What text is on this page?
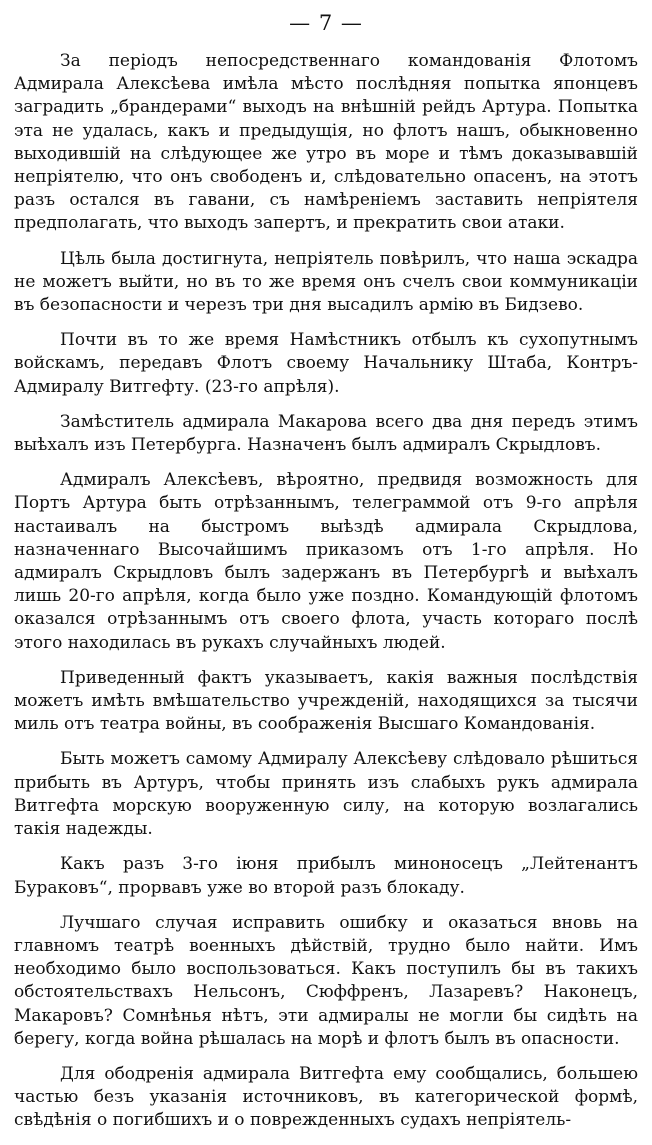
— 7 —

За періодъ непосредственнаго командованія Флотомъ Адмирала Алексѣева имѣла мѣсто послѣдняя попытка японцевъ заградить „брандерами“ выходъ на внѣшній рейдъ Артура. Попытка эта не удалась, какъ и предыдущія, но флотъ нашъ, обыкновенно выходившій на слѣдующее же утро въ море и тѣмъ доказывавшій непріятелю, что онъ свободенъ и, слѣдовательно опасенъ, на этотъ разъ остался въ гавани, съ намѣреніемъ заставить непріятеля предполагать, что выходъ запертъ, и прекратить свои атаки.

Цѣль была достигнута, непріятель повѣрилъ, что наша эскадра не можетъ выйти, но въ то же время онъ счелъ свои коммуникаціи въ безопасности и черезъ три дня высадилъ армію въ Бидзево.

Почти въ то же время Намѣстникъ отбылъ къ сухопутнымъ войскамъ, передавъ Флотъ своему Начальнику Штаба, Контръ-Адмиралу Витгефту. (23-го апрѣля).

Замѣститель адмирала Макарова всего два дня передъ этимъ выѣхалъ изъ Петербурга. Назначенъ былъ адмиралъ Скрыдловъ.

Адмиралъ Алексѣевъ, вѣроятно, предвидя возможность для Портъ Артура быть отрѣзаннымъ, телеграммой отъ 9-го апрѣля настаивалъ на быстромъ выѣздѣ адмирала Скрыдлова, назначеннаго Высочайшимъ приказомъ отъ 1-го апрѣля. Но адмиралъ Скрыдловъ былъ задержанъ въ Петербургѣ и выѣхалъ лишь 20-го апрѣля, когда было уже поздно. Командующій флотомъ оказался отрѣзаннымъ отъ своего флота, участь котораго послѣ этого находилась въ рукахъ случайныхъ людей.

Приведенный фактъ указываетъ, какія важныя послѣдствія можетъ имѣть вмѣшательство учрежденій, находящихся за тысячи миль отъ театра войны, въ соображенія Высшаго Командованія.

Быть можетъ самому Адмиралу Алексѣеву слѣдовало рѣшиться прибыть въ Артуръ, чтобы принять изъ слабыхъ рукъ адмирала Витгефта морскую вооруженную силу, на которую возлагались такія надежды.

Какъ разъ 3-го іюня прибылъ миноносецъ „Лейтенантъ Бураковъ“, прорвавъ уже во второй разъ блокаду.

Лучшаго случая исправить ошибку и оказаться вновь на главномъ театрѣ военныхъ дѣйствій, трудно было найти. Имъ необходимо было воспользоваться. Какъ поступилъ бы въ такихъ обстоятельствахъ Нельсонъ, Сюффренъ, Лазаревъ? Наконецъ, Макаровъ? Сомнѣнья нѣтъ, эти адмиралы не могли бы сидѣть на берегу, когда война рѣшалась на морѣ и флотъ былъ въ опасности.

Для ободренія адмирала Витгефта ему сообщались, большею частью безъ указанія источниковъ, въ категорической формѣ, свѣдѣнія о погибшихъ и о поврежденныхъ судахъ непріятель-
